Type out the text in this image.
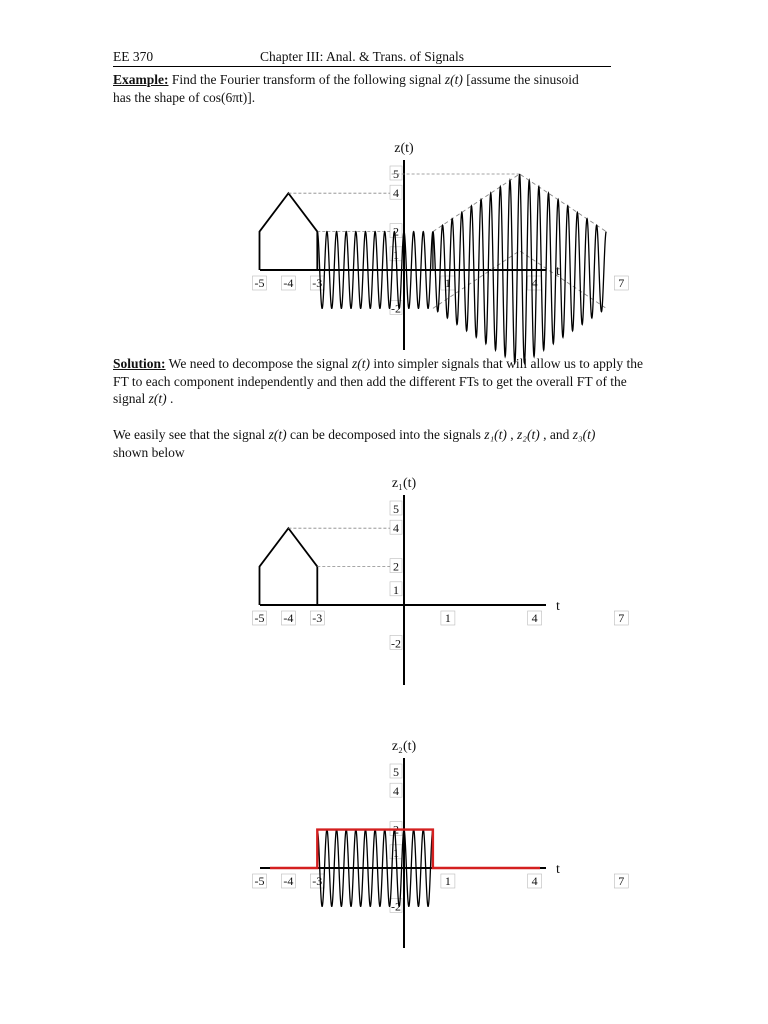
EE 370	Chapter III: Anal. & Trans. of Signals
Example: Find the Fourier transform of the following signal z(t) [assume the sinusoid
has the shape of cos(6πt)].
z(t)
t
-5 -4 -3	1	4	7
5
4
2
1
-2
Solution: We need to decompose the signal z(t) into simpler signals that will allow us to apply the FT to each component independently and then add the different FTs to get the overall FT of the signal z(t) .
We easily see that the signal z(t) can be decomposed into the signals z₁(t) , z₂(t) , and z₃(t)
shown below
z₁(t)
t
-5 -4 -3	1	4	7
5
4
2
1
-2
z₂(t)
t
-5 -4 -3	1	4	7
5
4
2
1
-2
